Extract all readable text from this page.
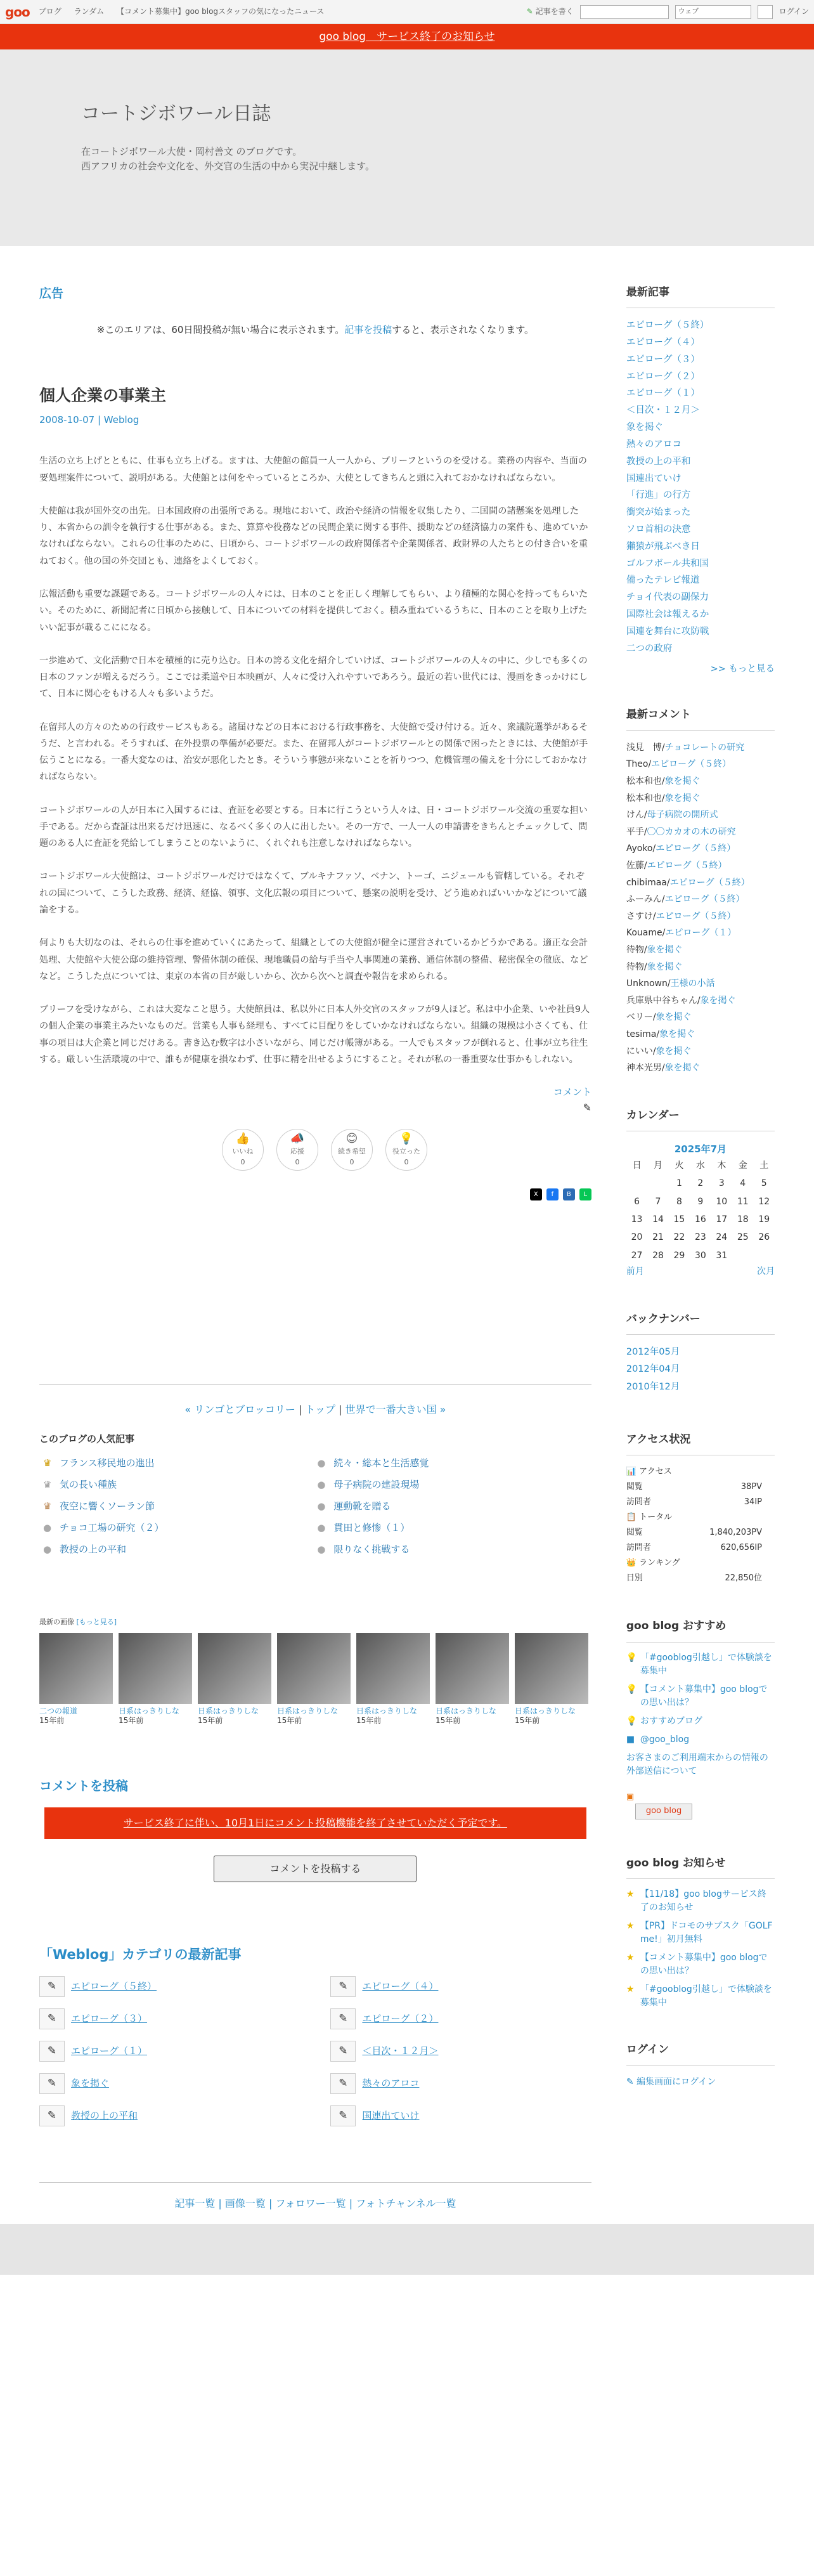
goo ブログ ランダム 【コメント募集中】goo blogスタッフの気になったニュース	✎ 記事を書く	ウェブ	ログイン
goo blog　サービス終了のお知らせ
コートジボワール日誌
在コートジボワール大使・岡村善文 のブログです。
西アフリカの社会や文化を、外交官の生活の中から実況中継します。
広告
※このエリアは、60日間投稿が無い場合に表示されます。記事を投稿すると、表示されなくなります。
個人企業の事業主
2008-10-07 | Weblog

生活の立ち上げとともに、仕事も立ち上げる。ますは、大使館の館員一人一人から、ブリーフというのを受ける。業務の内容や、当面の要処理案件について、説明がある。大使館とは何をやっているところか、大使としてきちんと頭に入れておかなければならない。

大使館は我が国外交の出先。日本国政府の出張所である。現地において、政治や経済の情報を収集したり、二国間の諸懸案を処理したり、本省からの訓令を執行する仕事がある。また、算算や役務などの民間企業に関する事件、援助などの経済協力の案件も、進めていかなければならない。これらの仕事のために、日頃から、コートジボワールの政府関係者や企業関係者、政財界の人たちとの付き合いを重ねておく。他の国の外交団とも、連絡をよくしておく。

広報活動も重要な課題である。コートジボワールの人々には、日本のことを正しく理解してもらい、より積極的な関心を持ってもらいたい。そのために、新聞記者に日頃から接触して、日本についての材料を提供しておく。積み重ねているうちに、日本のことを取り上げたいい記事が載るこにになる。

一歩進めて、文化活動で日本を積極的に売り込む。日本の誇る文化を紹介していけば、コートジボワールの人々の中に、少しでも多くの日本のファンが増えるだろう。ここでは柔道や日本映画が、人々に受け入れやすいであろう。最近の若い世代には、漫画をきっかけにして、日本に関心をもける人々も多いようだ。

在留邦人の方々のための行政サービスもある。諸届けなどの日本における行政事務を、大使館で受け付ける。近々、衆議院選挙があるそうだ、と言われる。そうすれば、在外投票の準備が必要だ。また、在留邦人がコートジボワールとの関係で困ったときには、大使館が手伝うことになる。一番大変なのは、治安が悪化したとき。そういう事態が来ないことを祈りつつ、危機管理の備えを十分にしておかなければならない。

コートジボワールの人が日本に入国するには、査証を必要とする。日本に行こうという人々は、日・コートジボワール交流の重要な担い手である。だから査証は出来るだけ迅速に、なるべく多くの人に出したい。その一方で、一人一人の申請書をきちんとチェックして、問題のある人に査証を発給してしまうことのないように、くれぐれも注意しなければならない。

コートジボワール大使館は、コートジボワールだけではなくて、ブルキナファソ、ベナン、トーゴ、ニジェールも管轄している。それぞれの国について、こうした政務、経済、経協、領事、文化広報の項目について、懸案の説明を受け、どう進めればいいかなどについて議論をする。

何よりも大切なのは、それらの仕事を進めていくにあたって、組織としての大使館が健全に運営されているかどうかである。適正な会計処理、大使館や大使公邸の維持管理、警備体制の確保、現地職員の給与手当や人事関連の業務、通信体制の整備、秘密保全の徹底、などなど。こうした点については、東京の本省の目が厳しいから、次から次へと調査や報告を求められる。

ブリーフを受けながら、これは大変なこと思う。大使館員は、私以外に日本人外交官のスタッフが9人ほど。私は中小企業、いや社員9人の個人企業の事業主みたいなものだ。営業も人事も経理も、すべてに目配りをしていかなければならない。組織の規模は小さくても、仕事の項目は大企業と同じだけある。書き込む数字は小さいながら、同じだけ帳簿がある。一人でもスタッフが倒れると、仕事が立ち往生する。厳しい生活環境の中で、誰もが健康を損なわず、仕事に精を出せるようにすること。それが私の一番重要な仕事かもしれない。

コメント
✎
👍
いいね
0
📣
応援
0
😊
続き希望
0
💡
役立った
0
X	f	B	L
« リンゴとブロッコリー | トップ | 世界で一番大きい国 »
このブログの人気記事
♛ フランス移民地の進出	● 続々・総本と生活感覚
♛ 気の長い種族	● 母子病院の建設現場
♛ 夜空に響くソーラン節	● 運動靴を贈る
● チョコ工場の研究（２）	● 貫田と修惨（１）
● 教授の上の平和	● 限りなく挑戦する
最新の画像 [もっと見る]
二つの報道
15年前
日系はっきりしな
15年前
日系はっきりしな
15年前
日系はっきりしな
15年前
日系はっきりしな
15年前
日系はっきりしな
15年前
日系はっきりしな
15年前
コメントを投稿
サービス終了に伴い、10月1日にコメント投稿機能を終了させていただく予定です。
コメントを投稿する
「Weblog」カテゴリの最新記事
✎	エピローグ（５終）	✎	エピローグ（４）
✎	エピローグ（３）	✎	エピローグ（２）
✎	エピローグ（１）	✎	＜目次・１２月＞
✎	象を掲ぐ	✎	熱々のアロコ
✎	教授の上の平和	✎	国連出ていけ
記事一覧 | 画像一覧 | フォロワー一覧 | フォトチャンネル一覧
最新記事
エピローグ（５終）
エピローグ（４）
エピローグ（３）
エピローグ（２）
エピローグ（１）
＜目次・１２月＞
象を掲ぐ
熱々のアロコ
教授の上の平和
国連出ていけ
「行進」の行方
衝突が始まった
ソロ首相の決意
獺猿が飛ぶべき日
ゴルフボール共和国
備ったテレビ報道
チョイ代表の副保力
国際社会は報えるか
国連を舞台に攻防戦
二つの政府
>> もっと見る
最新コメント
浅見　博/チョコレートの研究
Theo/エピローグ（５終）
松本和也/象を掲ぐ
松本和也/象を掲ぐ
けん/母子病院の開所式
平手/〇〇カカオの木の研究
Ayoko/エピローグ（５終）
佐藤/エピローグ（５終）
chibimaa/エピローグ（５終）
ふーみん/エピローグ（５終）
さすけ/エピローグ（５終）
Kouame/エピローグ（１）
待物/象を掲ぐ
待物/象を掲ぐ
Unknown/王様の小話
兵庫県中谷ちゃん/象を掲ぐ
ベリー/象を掲ぐ
tesima/象を掲ぐ
にいい/象を掲ぐ
神本光男/象を掲ぐ
カレンダー
2025年7月
日	月	火	水	木	金	土
		1	2	3	4	5
6	7	8	9	10	11	12
13	14	15	16	17	18	19
20	21	22	23	24	25	26
27	28	29	30	31		
前月	次月
バックナンバー
2012年05月
2012年04月
2010年12月
アクセス状況
📊 アクセス
閲覧	38PV
訪問者	34IP
📋 トータル
閲覧	1,840,203PV
訪問者	620,656IP
👑 ランキング
日別	22,850位
goo blog おすすめ
💡 「#gooblog引越し」で体験談を募集中
💡 【コメント募集中】goo blogでの思い出は？
💡 おすすめブログ
■ @goo_blog
お客さまのご利用端末からの情報の外部送信について
▣
goo blog
goo blog お知らせ
★ 【11/18】goo blogサービス終了のお知らせ
★ 【PR】ドコモのサブスク「GOLF me!」初月無料
★ 【コメント募集中】goo blogでの思い出は？
★ 「#gooblog引越し」で体験談を募集中
ログイン
✎ 編集画面にログイン
